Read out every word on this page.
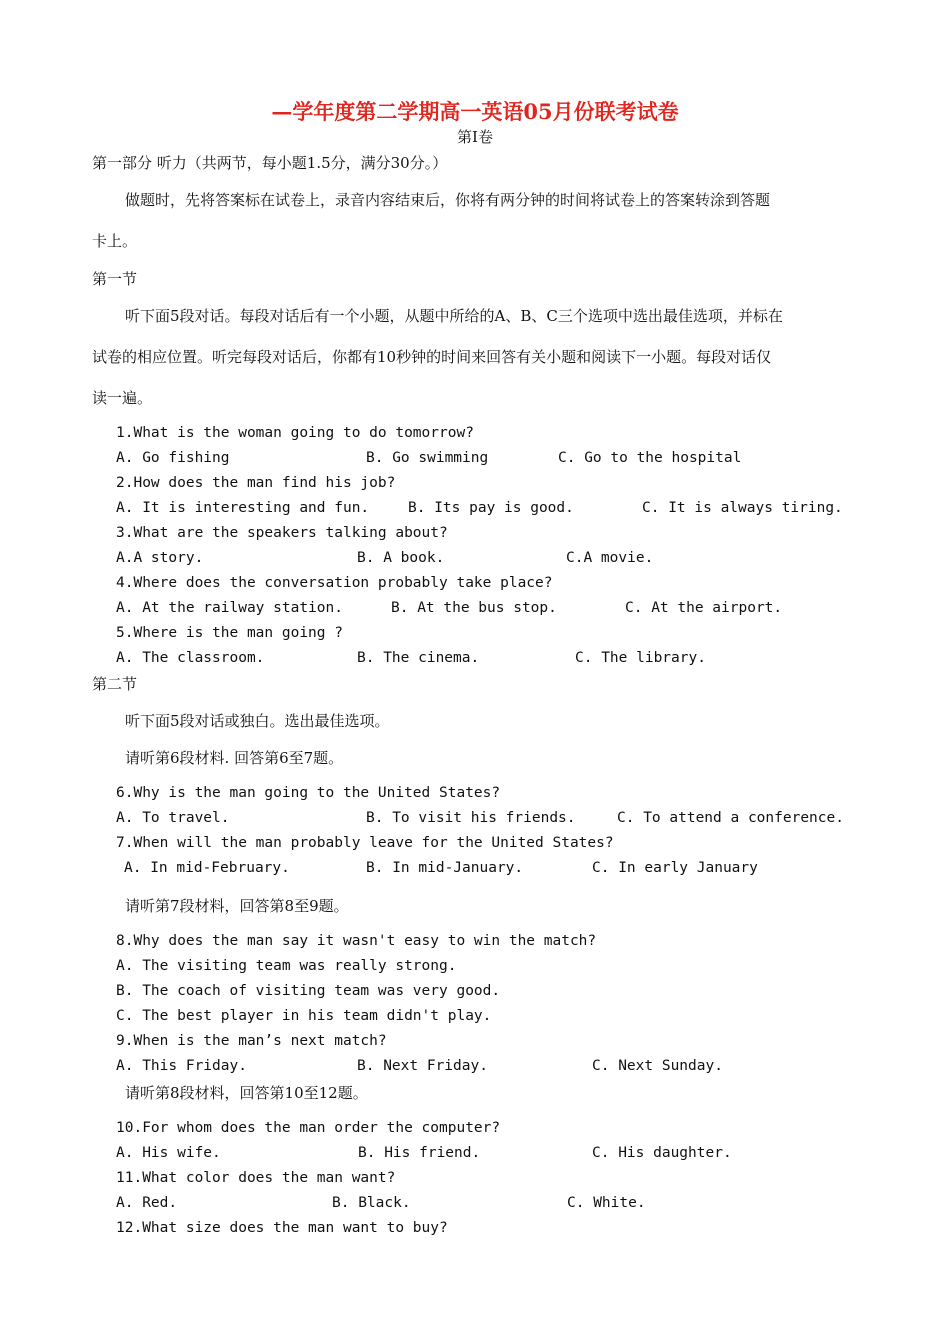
—学年度第二学期高一英语05月份联考试卷
第Ⅰ卷
第一部分 听力（共两节，每小题1.5分，满分30分。）
做题时，先将答案标在试卷上，录音内容结束后，你将有两分钟的时间将试卷上的答案转涂到答题
卡上。
第一节
听下面5段对话。每段对话后有一个小题，从题中所给的A、B、C三个选项中选出最佳选项，并标在
试卷的相应位置。听完每段对话后，你都有10秒钟的时间来回答有关小题和阅读下一小题。每段对话仅
读一遍。
1.What is the woman going to do tomorrow?
A. Go fishing	B. Go swimming	C. Go to the hospital
2.How does the man find his job?
A. It is interesting and fun.	B. Its pay is good.	C. It is always tiring.
3.What are the speakers talking about?
A.A story.	B. A book.	C.A movie.
4.Where does the conversation probably take place?
A. At the railway station.	B. At the bus stop.	C. At the airport.
5.Where is the man going ?
A. The classroom.	B. The cinema.	C. The library.
第二节
听下面5段对话或独白。选出最佳选项。
请听第6段材料. 回答第6至7题。
6.Why is the man going to the United States?
A. To travel.	B. To visit his friends.	C. To attend a conference.
7.When will the man probably leave for the United States?
A. In mid-February.	B. In mid-January.	C. In early January
请听第7段材料，回答第8至9题。
8.Why does the man say it wasn't easy to win the match?
A. The visiting team was really strong.
B. The coach of visiting team was very good.
C. The best player in his team didn't play.
9.When is the man’s next match?
A. This Friday.	B. Next Friday.	C. Next Sunday.
请听第8段材料，回答第10至12题。
10.For whom does the man order the computer?
A. His wife.	B. His friend.	C. His daughter.
11.What color does the man want?
A. Red.	B. Black.	C. White.
12.What size does the man want to buy?
